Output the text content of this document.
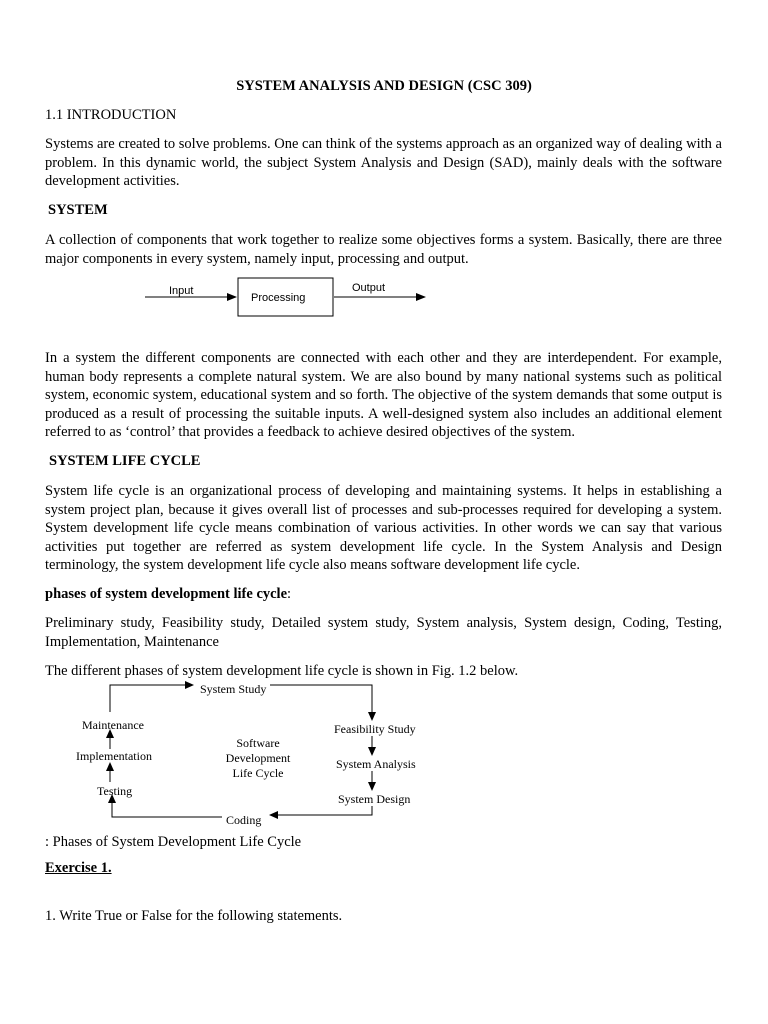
SYSTEM ANALYSIS AND DESIGN (CSC 309)
1.1 INTRODUCTION
Systems are created to solve problems. One can think of the systems approach as an organized way of dealing with a problem. In this dynamic world, the subject System Analysis and Design (SAD), mainly deals with the software development activities.
SYSTEM
A collection of components that work together to realize some objectives forms a system. Basically, there are three major components in every system, namely input, processing and output.
Input
Processing
Output
In a system the different components are connected with each other and they are interdependent. For example, human body represents a complete natural system. We are also bound by many national systems such as political system, economic system, educational system and so forth. The objective of the system demands that some output is produced as a result of processing the suitable inputs. A well-designed system also includes an additional element referred to as ‘control’ that provides a feedback to achieve desired objectives of the system.
SYSTEM LIFE CYCLE
System life cycle is an organizational process of developing and maintaining systems. It helps in establishing a system project plan, because it gives overall list of processes and sub-processes required for developing a system. System development life cycle means combination of various activities. In other words we can say that various activities put together are referred as system development life cycle. In the System Analysis and Design terminology, the system development life cycle also means software development life cycle.
phases of system development life cycle:
Preliminary study, Feasibility study, Detailed system study, System analysis, System design, Coding, Testing, Implementation, Maintenance
The different phases of system development life cycle is shown in Fig. 1.2 below.
System Study
Feasibility Study
System Analysis
System Design
Coding
Testing
Implementation
Maintenance
Software
Development
Life Cycle
: Phases of System Development Life Cycle
Exercise 1.
1. Write True or False for the following statements.
